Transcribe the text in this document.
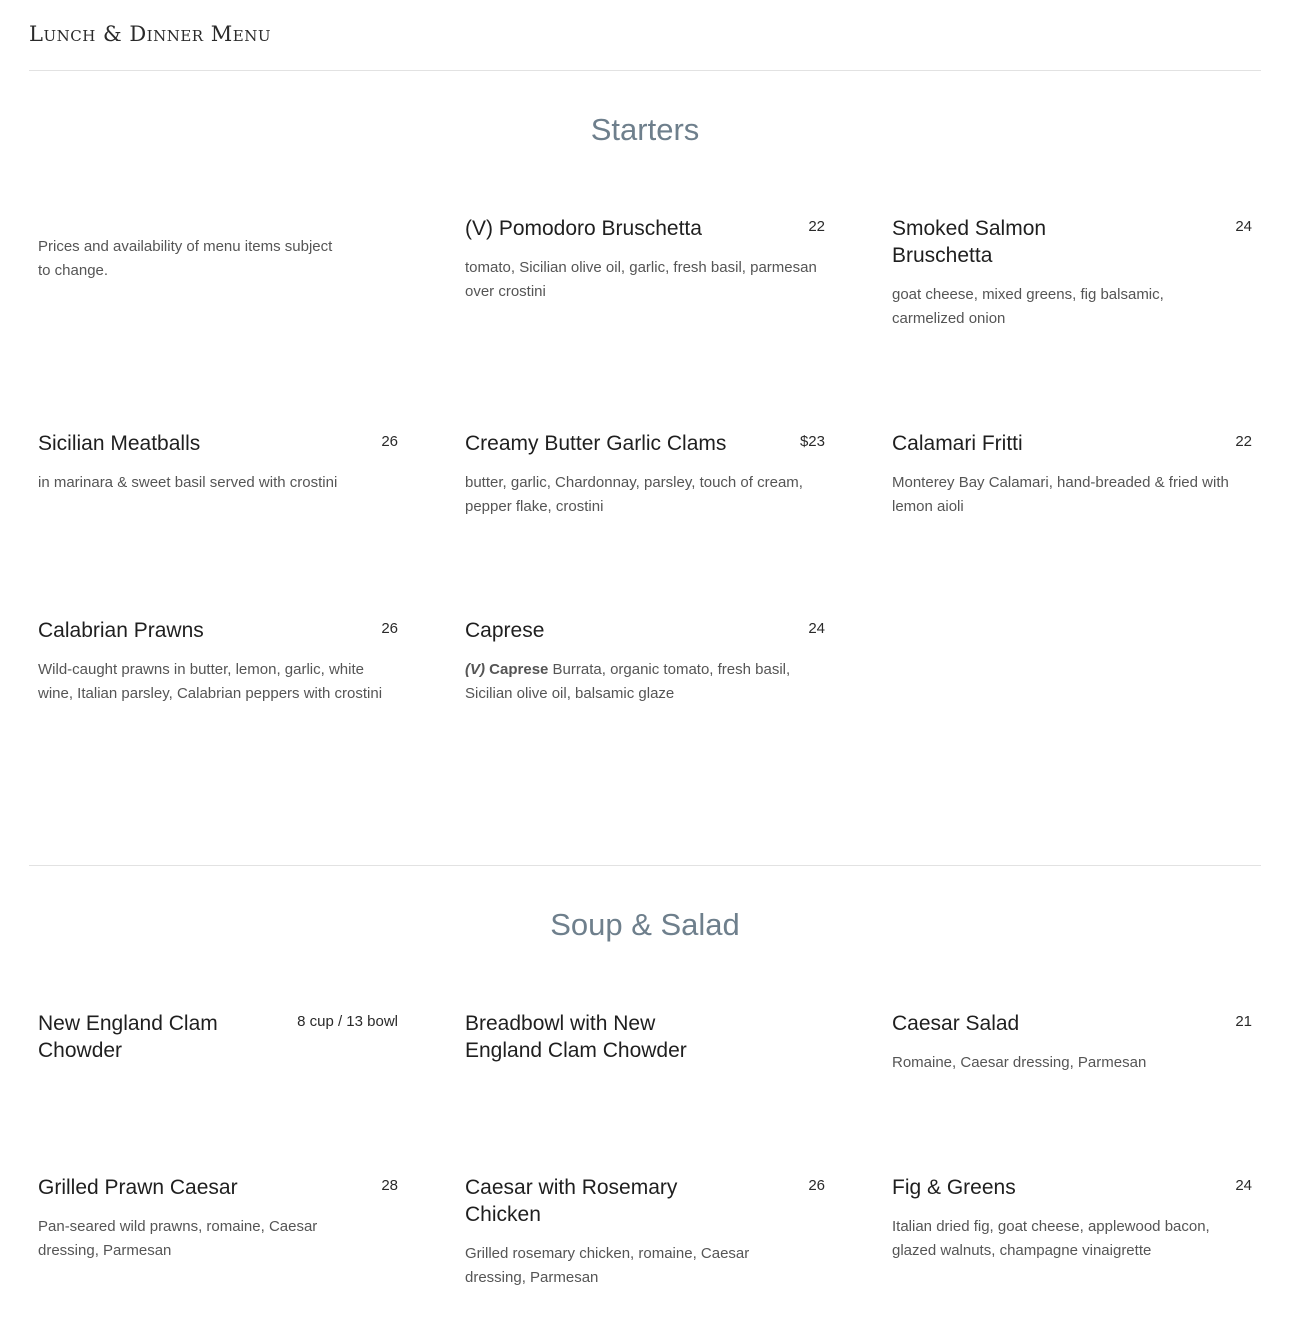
Lunch & Dinner Menu
Starters
Prices and availability of menu items subject to change.
(V) Pomodoro Bruschetta	22
tomato, Sicilian olive oil, garlic, fresh basil, parmesan over crostini
Smoked Salmon Bruschetta
24
goat cheese, mixed greens, fig balsamic, carmelized onion
Sicilian Meatballs	26
in marinara & sweet basil served with crostini
Creamy Butter Garlic Clams	$23
butter, garlic, Chardonnay, parsley, touch of cream, pepper flake, crostini
Calamari Fritti	22
Monterey Bay Calamari, hand-breaded & fried with lemon aioli
Calabrian Prawns	26
Wild-caught prawns in butter, lemon, garlic, white wine, Italian parsley, Calabrian peppers with crostini
Caprese	24
(V) Caprese Burrata, organic tomato, fresh basil, Sicilian olive oil, balsamic glaze
Soup & Salad
New England Clam Chowder
8 cup / 13 bowl	Breadbowl with New England Clam Chowder
Caesar Salad	21
Romaine, Caesar dressing, Parmesan
Grilled Prawn Caesar	28
Pan-seared wild prawns, romaine, Caesar dressing, Parmesan
Caesar with Rosemary Chicken
26
Grilled rosemary chicken, romaine, Caesar dressing, Parmesan
Fig & Greens	24
Italian dried fig, goat cheese, applewood bacon, glazed walnuts, champagne vinaigrette
